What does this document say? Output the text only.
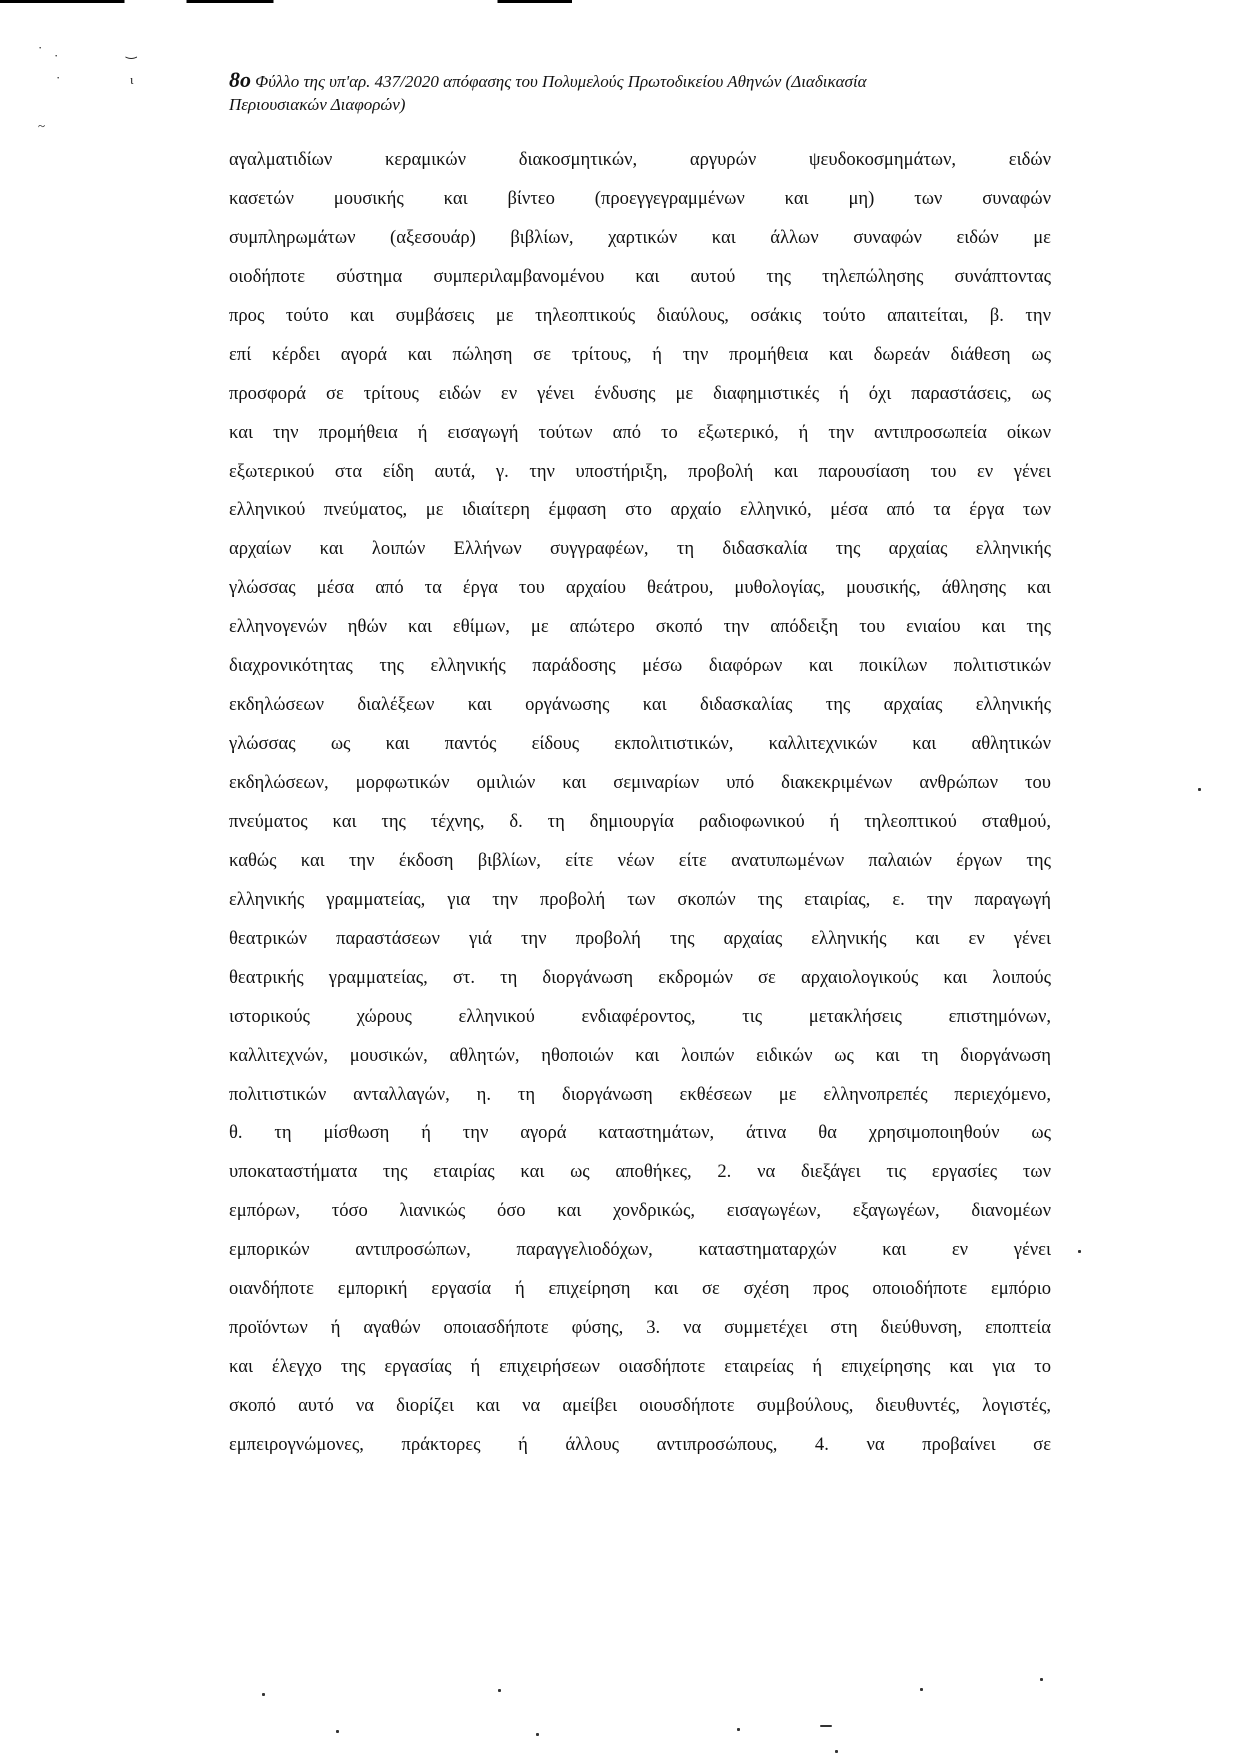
·
·
·
‿
ι
~
8ο Φύλλο της υπ'αρ. 437/2020 απόφασης του Πολυμελούς Πρωτοδικείου Αθηνών (Διαδικασία
Περιουσιακών Διαφορών)
αγαλματιδίων κεραμικών διακοσμητικών, αργυρών ψευδοκοσμημάτων, ειδών
κασετών μουσικής και βίντεο (προεγγεγραμμένων και μη) των συναφών
συμπληρωμάτων (αξεσουάρ) βιβλίων, χαρτικών και άλλων συναφών ειδών με
οιοδήποτε σύστημα συμπεριλαμβανομένου και αυτού της τηλεπώλησης συνάπτοντας
προς τούτο και συμβάσεις με τηλεοπτικούς διαύλους, οσάκις τούτο απαιτείται, β. την
επί κέρδει αγορά και πώληση σε τρίτους, ή την προμήθεια και δωρεάν διάθεση ως
προσφορά σε τρίτους ειδών εν γένει ένδυσης με διαφημιστικές ή όχι παραστάσεις, ως
και την προμήθεια ή εισαγωγή τούτων από το εξωτερικό, ή την αντιπροσωπεία οίκων
εξωτερικού στα είδη αυτά, γ. την υποστήριξη, προβολή και παρουσίαση του εν γένει
ελληνικού πνεύματος, με ιδιαίτερη έμφαση στο αρχαίο ελληνικό, μέσα από τα έργα των
αρχαίων και λοιπών Ελλήνων συγγραφέων, τη διδασκαλία της αρχαίας ελληνικής
γλώσσας μέσα από τα έργα του αρχαίου θεάτρου, μυθολογίας, μουσικής, άθλησης και
ελληνογενών ηθών και εθίμων, με απώτερο σκοπό την απόδειξη του ενιαίου και της
διαχρονικότητας της ελληνικής παράδοσης μέσω διαφόρων και ποικίλων πολιτιστικών
εκδηλώσεων διαλέξεων και οργάνωσης και διδασκαλίας της αρχαίας ελληνικής
γλώσσας ως και παντός είδους εκπολιτιστικών, καλλιτεχνικών και αθλητικών
εκδηλώσεων, μορφωτικών ομιλιών και σεμιναρίων υπό διακεκριμένων ανθρώπων του
πνεύματος και της τέχνης, δ. τη δημιουργία ραδιοφωνικού ή τηλεοπτικού σταθμού,
καθώς και την έκδοση βιβλίων, είτε νέων είτε ανατυπωμένων παλαιών έργων της
ελληνικής γραμματείας, για την προβολή των σκοπών της εταιρίας, ε. την παραγωγή
θεατρικών παραστάσεων γιά την προβολή της αρχαίας ελληνικής και εν γένει
θεατρικής γραμματείας, στ. τη διοργάνωση εκδρομών σε αρχαιολογικούς και λοιπούς
ιστορικούς χώρους ελληνικού ενδιαφέροντος, τις μετακλήσεις επιστημόνων,
καλλιτεχνών, μουσικών, αθλητών, ηθοποιών και λοιπών ειδικών ως και τη διοργάνωση
πολιτιστικών ανταλλαγών, η. τη διοργάνωση εκθέσεων με ελληνοπρεπές περιεχόμενο,
θ. τη μίσθωση ή την αγορά καταστημάτων, άτινα θα χρησιμοποιηθούν ως
υποκαταστήματα της εταιρίας και ως αποθήκες, 2. να διεξάγει τις εργασίες των
εμπόρων, τόσο λιανικώς όσο και χονδρικώς, εισαγωγέων, εξαγωγέων, διανομέων
εμπορικών αντιπροσώπων, παραγγελιοδόχων, καταστηματαρχών και εν γένει
οιανδήποτε εμπορική εργασία ή επιχείρηση και σε σχέση προς οποιοδήποτε εμπόριο
προϊόντων ή αγαθών οποιασδήποτε φύσης, 3. να συμμετέχει στη διεύθυνση, εποπτεία
και έλεγχο της εργασίας ή επιχειρήσεων οιασδήποτε εταιρείας ή επιχείρησης και για το
σκοπό αυτό να διορίζει και να αμείβει οιουσδήποτε συμβούλους, διευθυντές, λογιστές,
εμπειρογνώμονες, πράκτορες ή άλλους αντιπροσώπους, 4. να προβαίνει σε
